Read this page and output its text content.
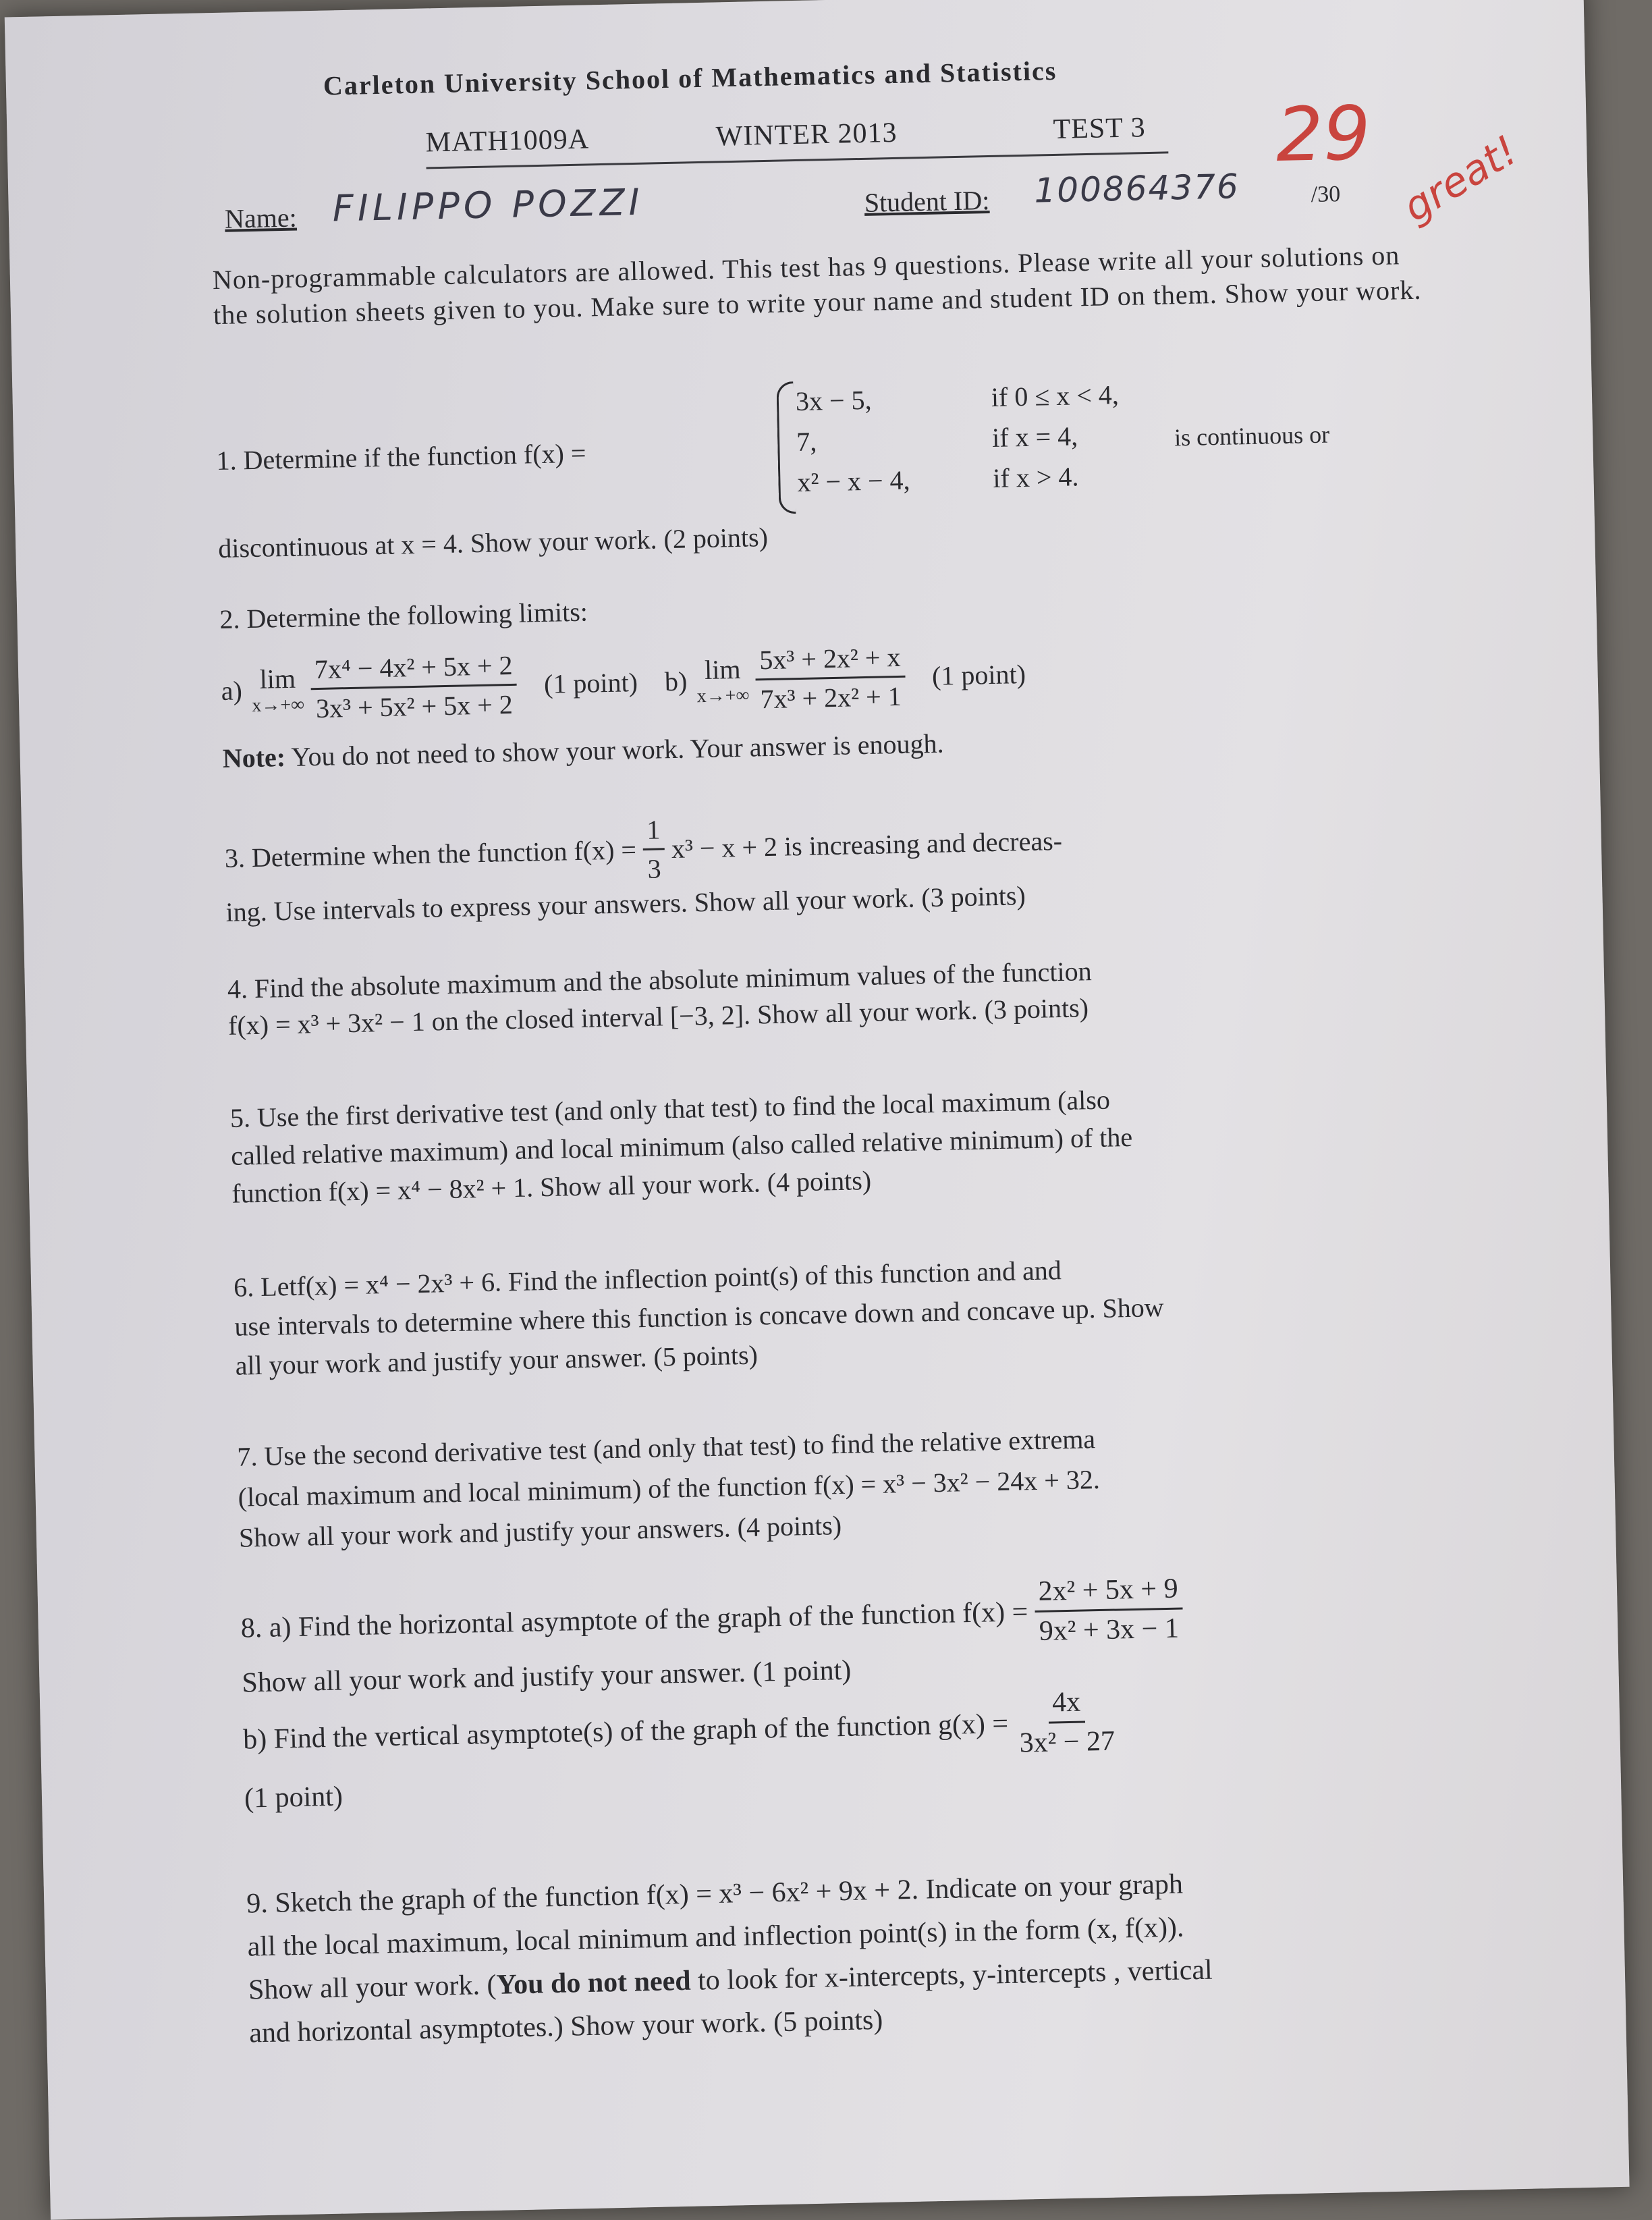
Carleton University School of Mathematics and Statistics
MATH1009A	WINTER 2013	TEST 3 29 great!
Name: FILIPPO POZZI	Student ID: 100864376	/30
Non-programmable calculators are allowed. This test has 9 questions. Please write all your solutions on the solution sheets given to you. Make sure to write your name and student ID on them. Show your work.
1. Determine if the function f(x) =
3x − 5,	if 0 ≤ x < 4,
7,	if x = 4,
x² − x − 4,	if x > 4.
is continuous or
discontinuous at x = 4. Show your work. (2 points)
2. Determine the following limits:
a) lim
$x\to+\infty \frac{\text{7x⁴ − 4x² + 5x + 2}}{\text{3x³ + 5x² + 5x + 2}} (1$ point) b) lim
$x\to+\infty \frac{\text{5x³ + 2x² + x}}{\text{7x³ + 2x² + 1}} (1$ point)
Note: You do not need to show your work. Your answer is enough.
3. Determine when the function $f(x) = \frac{1}{3} x^3 - x + 2$ is increasing and decreas-
ing. Use intervals to express your answers. Show all your work. (3 points)
4. Find the absolute maximum and the absolute minimum values of the function
f(x) = x³ + 3x² − 1 on the closed interval [−3, 2]. Show all your work. (3 points)
5. Use the first derivative test (and only that test) to find the local maximum (also
called relative maximum) and local minimum (also called relative minimum) of the
function f(x) = x⁴ − 8x² + 1. Show all your work. (4 points)
6. Letf(x) = x⁴ − 2x³ + 6. Find the inflection point(s) of this function and and
use intervals to determine where this function is concave down and concave up. Show
all your work and justify your answer. (5 points)
7. Use the second derivative test (and only that test) to find the relative extrema
(local maximum and local minimum) of the function f(x) = x³ − 3x² − 24x + 32.
Show all your work and justify your answers. (4 points)
8. a) Find the horizontal asymptote of the graph of the function $f(x) = \frac{\text{2x² + 5x + 9}}{\text{9x² + 3x − 1}}$
Show all your work and justify your answer. (1 point)
b) Find the vertical asymptote(s) of the graph of the function $g(x) = \frac{4x}{\text{3x² − 27}}$
(1 point)
9. Sketch the graph of the function f(x) = x³ − 6x² + 9x + 2. Indicate on your graph
all the local maximum, local minimum and inflection point(s) in the form (x, f(x)).
Show all your work. (You do not need to look for x-intercepts, y-intercepts , vertical
and horizontal asymptotes.) Show your work. (5 points)
